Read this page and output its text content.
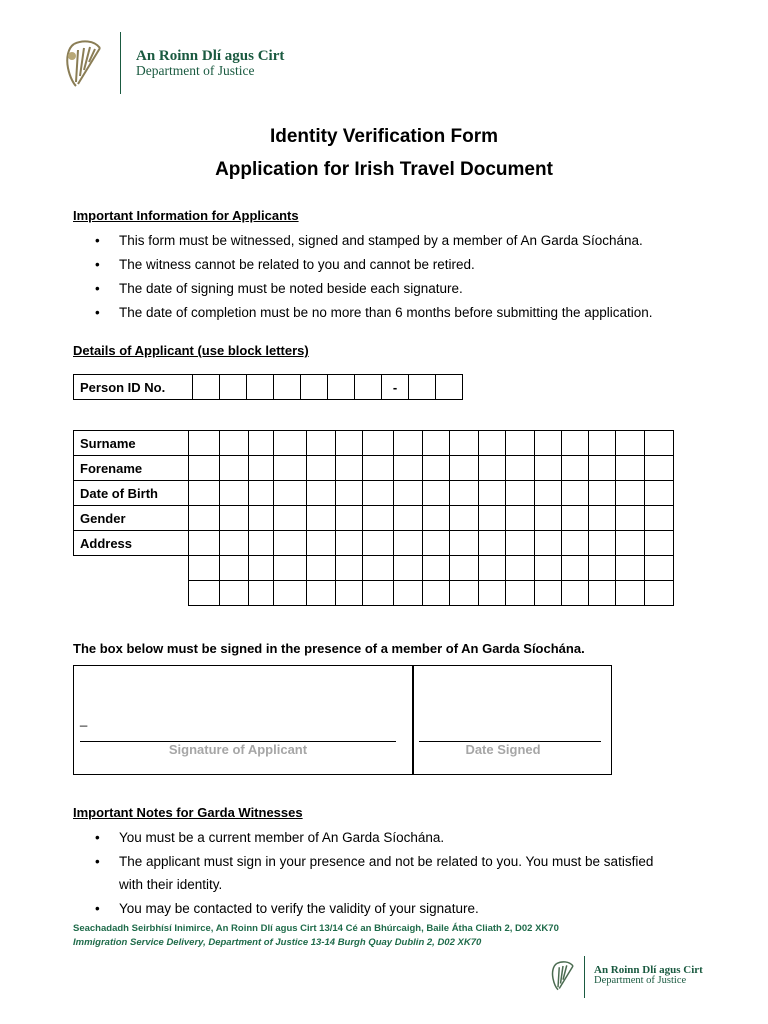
An Roinn Dlí agus Cirt
Department of Justice
Identity Verification Form
Application for Irish Travel Document
Important Information for Applicants
• This form must be witnessed, signed and stamped by a member of An Garda Síochána.
• The witness cannot be related to you and cannot be retired.
• The date of signing must be noted beside each signature.
• The date of completion must be no more than 6 months before submitting the application.
Details of Applicant (use block letters)
Person ID No.								-		
Surname																	
Forename																	
Date of Birth																	
Gender																	
Address																	

The box below must be signed in the presence of a member of An Garda Síochána.
_
Signature of Applicant	Date Signed
Important Notes for Garda Witnesses
• You must be a current member of An Garda Síochána.
• The applicant must sign in your presence and not be related to you. You must be satisfied
with their identity.
• You may be contacted to verify the validity of your signature.
Seachadadh Seirbhísí Inimirce, An Roinn Dlí agus Cirt 13/14 Cé an Bhúrcaigh, Baile Átha Cliath 2, D02 XK70
Immigration Service Delivery, Department of Justice 13-14 Burgh Quay Dublin 2, D02 XK70
An Roinn Dlí agus Cirt
Department of Justice
